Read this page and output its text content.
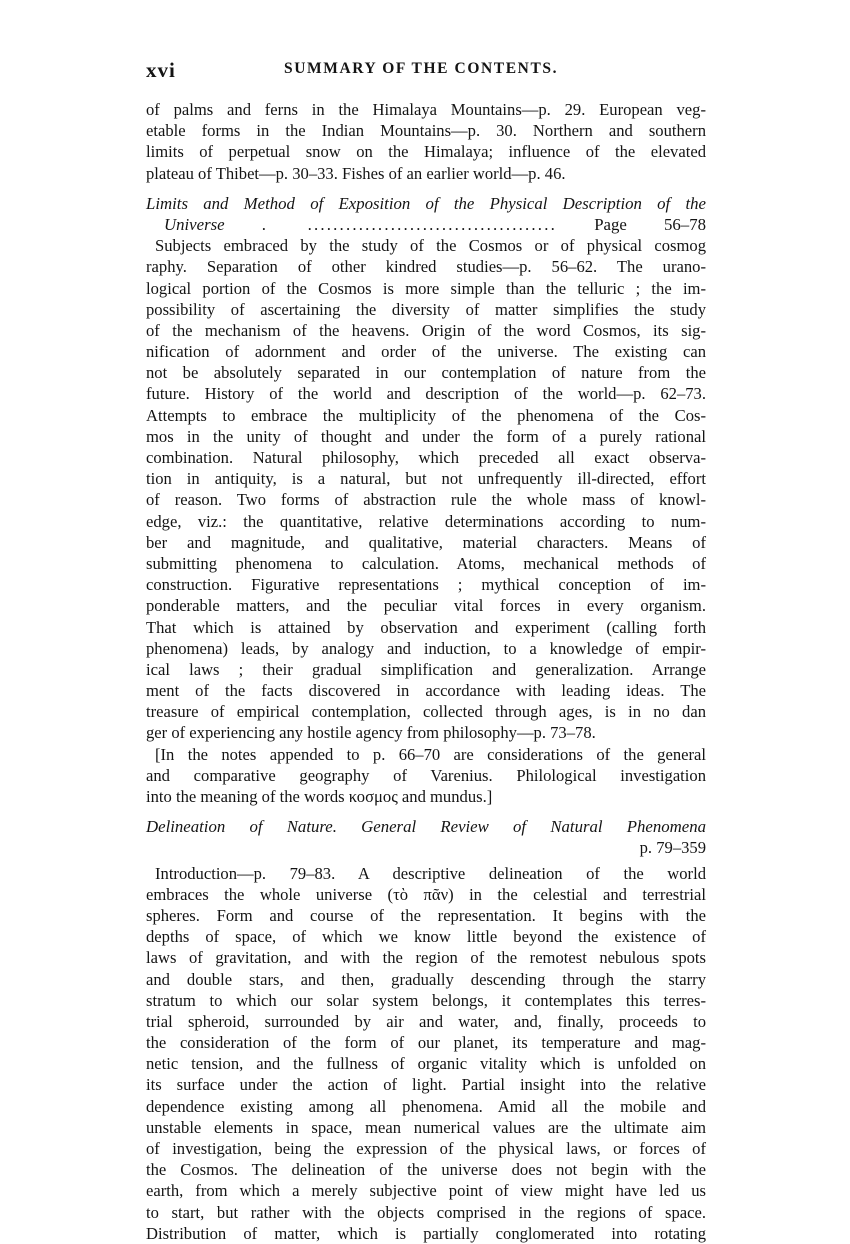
xvi	SUMMARY OF THE CONTENTS.
of palms and ferns in the Himalaya Mountains—p. 29. European veg-
etable forms in the Indian Mountains—p. 30. Northern and southern
limits of perpetual snow on the Himalaya; influence of the elevated
plateau of Thibet—p. 30–33. Fishes of an earlier world—p. 46.
Limits and Method of Exposition of the Physical Description of the
Universe . ....................................... Page 56–78
Subjects embraced by the study of the Cosmos or of physical cosmog
raphy. Separation of other kindred studies—p. 56–62. The urano-
logical portion of the Cosmos is more simple than the telluric ; the im-
possibility of ascertaining the diversity of matter simplifies the study
of the mechanism of the heavens. Origin of the word Cosmos, its sig-
nification of adornment and order of the universe. The existing can
not be absolutely separated in our contemplation of nature from the
future. History of the world and description of the world—p. 62–73.
Attempts to embrace the multiplicity of the phenomena of the Cos-
mos in the unity of thought and under the form of a purely rational
combination. Natural philosophy, which preceded all exact observa-
tion in antiquity, is a natural, but not unfrequently ill-directed, effort
of reason. Two forms of abstraction rule the whole mass of knowl-
edge, viz.: the quantitative, relative determinations according to num-
ber and magnitude, and qualitative, material characters. Means of
submitting phenomena to calculation. Atoms, mechanical methods of
construction. Figurative representations ; mythical conception of im-
ponderable matters, and the peculiar vital forces in every organism.
That which is attained by observation and experiment (calling forth
phenomena) leads, by analogy and induction, to a knowledge of empir-
ical laws ; their gradual simplification and generalization. Arrange
ment of the facts discovered in accordance with leading ideas. The
treasure of empirical contemplation, collected through ages, is in no dan
ger of experiencing any hostile agency from philosophy—p. 73–78.
[In the notes appended to p. 66–70 are considerations of the general
and comparative geography of Varenius. Philological investigation
into the meaning of the words κοσμος and mundus.]
Delineation of Nature. General Review of Natural Phenomena
p. 79–359
Introduction—p. 79–83. A descriptive delineation of the world
embraces the whole universe (τὸ πᾶν) in the celestial and terrestrial
spheres. Form and course of the representation. It begins with the
depths of space, of which we know little beyond the existence of
laws of gravitation, and with the region of the remotest nebulous spots
and double stars, and then, gradually descending through the starry
stratum to which our solar system belongs, it contemplates this terres-
trial spheroid, surrounded by air and water, and, finally, proceeds to
the consideration of the form of our planet, its temperature and mag-
netic tension, and the fullness of organic vitality which is unfolded on
its surface under the action of light. Partial insight into the relative
dependence existing among all phenomena. Amid all the mobile and
unstable elements in space, mean numerical values are the ultimate aim
of investigation, being the expression of the physical laws, or forces of
the Cosmos. The delineation of the universe does not begin with the
earth, from which a merely subjective point of view might have led us
to start, but rather with the objects comprised in the regions of space.
Distribution of matter, which is partially conglomerated into rotating
